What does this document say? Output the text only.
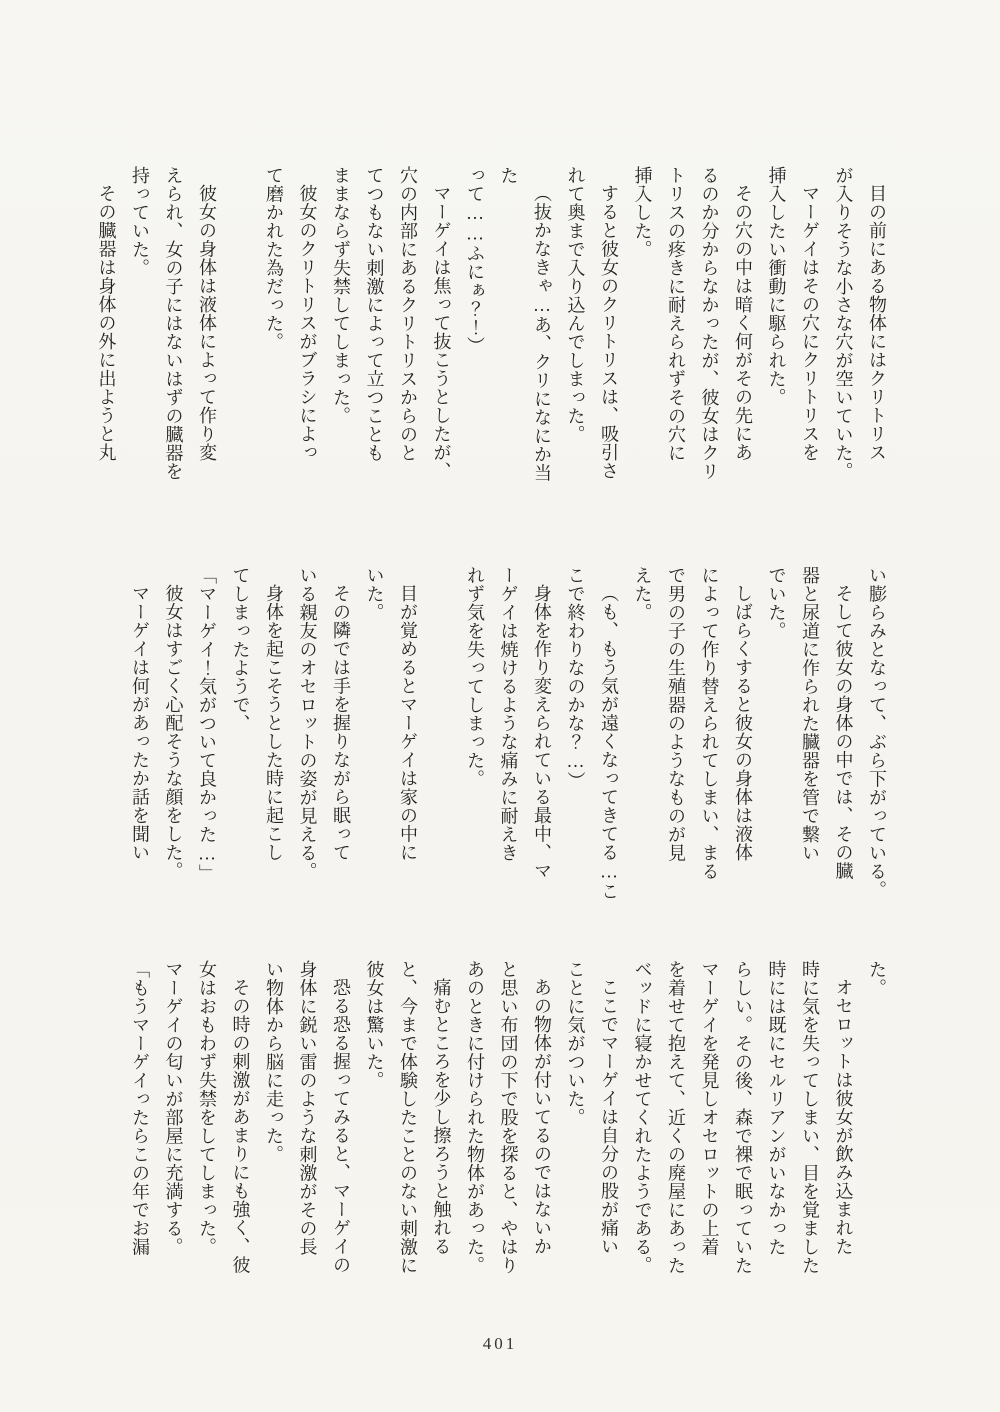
目の前にある物体にはクリトリス
が入りそうな小さな穴が空いていた。
マーゲイはその穴にクリトリスを
挿入したい衝動に駆られた。
その穴の中は暗く何がその先にあ
るのか分からなかったが、彼女はクリ
トリスの疼きに耐えられずその穴に
挿入した。
すると彼女のクリトリスは、吸引さ
れて奥まで入り込んでしまった。
（抜かなきゃ…あ、クリになにか当た
って……ふにぁ？！）
マーゲイは焦って抜こうとしたが、
穴の内部にあるクリトリスからのと
てつもない刺激によって立つことも
ままならず失禁してしまった。
彼女のクリトリスがブラシによっ
て磨かれた為だった。
彼女の身体は液体によって作り変
えられ、女の子にはないはずの臓器を
持っていた。
その臓器は身体の外に出ようと丸
い膨らみとなって、ぶら下がっている。
そして彼女の身体の中では、その臓
器と尿道に作られた臓器を管で繋い
でいた。
しばらくすると彼女の身体は液体
によって作り替えられてしまい、まる
で男の子の生殖器のようなものが見
えた。
（も、もう気が遠くなってきてる…こ
こで終わりなのかな？…）
身体を作り変えられている最中、マ
ーゲイは焼けるような痛みに耐えき
れず気を失ってしまった。
目が覚めるとマーゲイは家の中に
いた。
その隣では手を握りながら眠って
いる親友のオセロットの姿が見える。
身体を起こそうとした時に起こし
てしまったようで、
「マーゲイ！気がついて良かった…」
彼女はすごく心配そうな顔をした。
マーゲイは何があったか話を聞い
た。
オセロットは彼女が飲み込まれた
時に気を失ってしまい、目を覚ました
時には既にセルリアンがいなかった
らしい。その後、森で裸で眠っていた
マーゲイを発見しオセロットの上着
を着せて抱えて、近くの廃屋にあった
ベッドに寝かせてくれたようである。
ここでマーゲイは自分の股が痛い
ことに気がついた。
あの物体が付いてるのではないか
と思い布団の下で股を探ると、やはり
あのときに付けられた物体があった。
痛むところを少し擦ろうと触れる
と、今まで体験したことのない刺激に
彼女は驚いた。
恐る恐る握ってみると、マーゲイの
身体に鋭い雷のような刺激がその長
い物体から脳に走った。
その時の刺激があまりにも強く、彼
女はおもわず失禁をしてしまった。
マーゲイの匂いが部屋に充満する。
「もうマーゲイったらこの年でお漏
401
